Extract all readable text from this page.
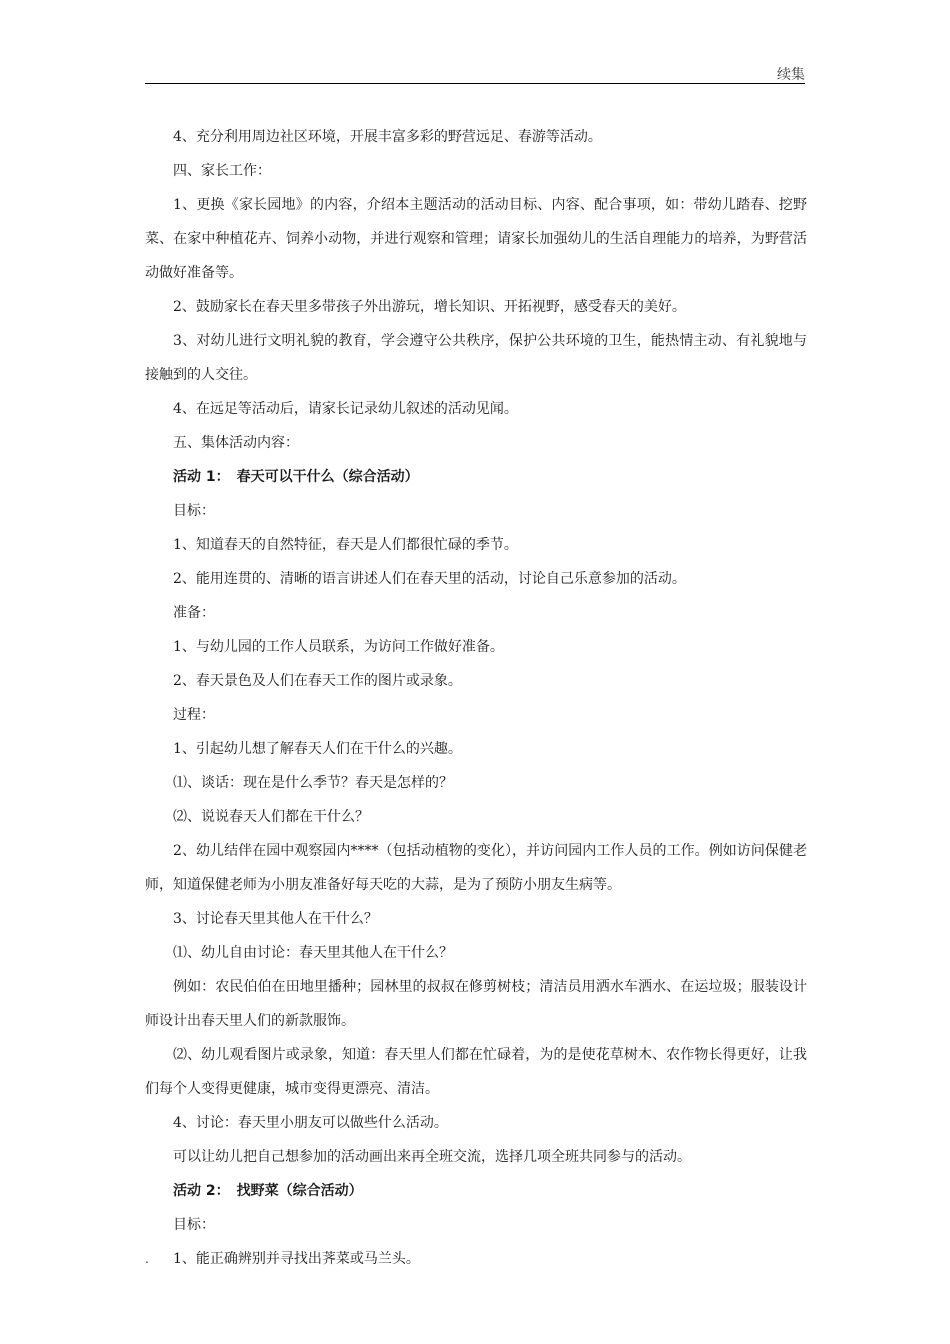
续集

4、充分利用周边社区环境，开展丰富多彩的野营远足、春游等活动。

四、家长工作：

1、更换《家长园地》的内容，介绍本主题活动的活动目标、内容、配合事项，如：带幼儿踏春、挖野菜、在家中种植花卉、饲养小动物，并进行观察和管理；请家长加强幼儿的生活自理能力的培养，为野营活动做好准备等。

2、鼓励家长在春天里多带孩子外出游玩，增长知识、开拓视野，感受春天的美好。

3、对幼儿进行文明礼貌的教育，学会遵守公共秩序，保护公共环境的卫生，能热情主动、有礼貌地与接触到的人交往。

4、在远足等活动后，请家长记录幼儿叙述的活动见闻。

五、集体活动内容：

活动 1：　春天可以干什么（综合活动）

目标：

1、知道春天的自然特征，春天是人们都很忙碌的季节。

2、能用连贯的、清晰的语言讲述人们在春天里的活动，讨论自己乐意参加的活动。

准备：

1、与幼儿园的工作人员联系，为访问工作做好准备。

2、春天景色及人们在春天工作的图片或录象。

过程：

1、引起幼儿想了解春天人们在干什么的兴趣。

⑴、谈话：现在是什么季节？春天是怎样的？

⑵、说说春天人们都在干什么？

2、幼儿结伴在园中观察园内****（包括动植物的变化），并访问园内工作人员的工作。例如访问保健老师，知道保健老师为小朋友准备好每天吃的大蒜，是为了预防小朋友生病等。

3、讨论春天里其他人在干什么？

⑴、幼儿自由讨论：春天里其他人在干什么？

例如：农民伯伯在田地里播种；园林里的叔叔在修剪树枝；清洁员用洒水车洒水、在运垃圾；服装设计师设计出春天里人们的新款服饰。

⑵、幼儿观看图片或录象，知道：春天里人们都在忙碌着，为的是使花草树木、农作物长得更好，让我们每个人变得更健康，城市变得更漂亮、清洁。

4、讨论：春天里小朋友可以做些什么活动。

可以让幼儿把自己想参加的活动画出来再全班交流，选择几项全班共同参与的活动。

活动 2：　找野菜（综合活动）

目标：

1、能正确辨别并寻找出荠菜或马兰头。

.
